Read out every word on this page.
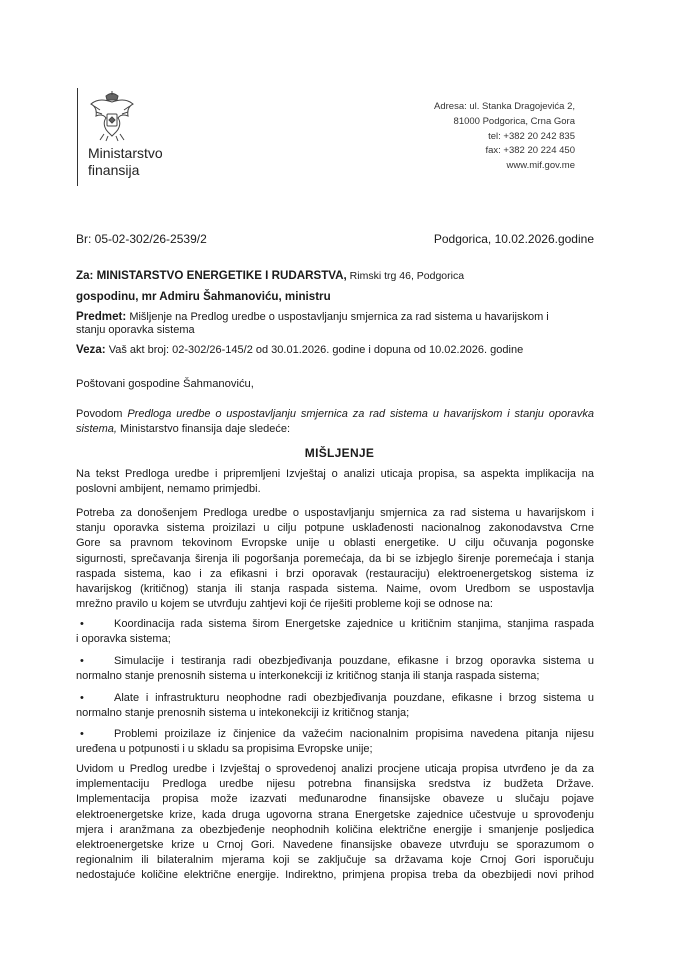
Ministarstvo
finansija
Adresa: ul. Stanka Dragojevića 2,
81000 Podgorica, Crna Gora
tel: +382 20 242 835
fax: +382 20 224 450
www.mif.gov.me
Br: 05-02-302/26-2539/2	Podgorica, 10.02.2026.godine
Za: MINISTARSTVO ENERGETIKE I RUDARSTVA, Rimski trg 46, Podgorica
gospodinu, mr Admiru Šahmanoviću, ministru
Predmet: Mišljenje na Predlog uredbe o uspostavljanju smjernica za rad sistema u havarijskom i
stanju oporavka sistema
Veza: Vaš akt broj: 02-302/26-145/2 od 30.01.2026. godine i dopuna od 10.02.2026. godine
Poštovani gospodine Šahmanoviću,
Povodom Predloga uredbe o uspostavljanju smjernica za rad sistema u havarijskom i stanju oporavka
sistema, Ministarstvo finansija daje sledeće:
MIŠLJENJE
Na tekst Predloga uredbe i pripremljeni Izvještaj o analizi uticaja propisa, sa aspekta implikacija na
poslovni ambijent, nemamo primjedbi.
Potreba za donošenjem Predloga uredbe o uspostavljanju smjernica za rad sistema u havarijskom i
stanju oporavka sistema proizilazi u cilju potpune usklađenosti nacionalnog zakonodavstva Crne
Gore sa pravnom tekovinom Evropske unije u oblasti energetike. U cilju očuvanja pogonske
sigurnosti, sprečavanja širenja ili pogoršanja poremećaja, da bi se izbjeglo širenje poremećaja i stanja
raspada sistema, kao i za efikasni i brzi oporavak (restauraciju) elektroenergetskog sistema iz
havarijskog (kritičnog) stanja ili stanja raspada sistema. Naime, ovom Uredbom se uspostavlja
mrežno pravilo u kojem se utvrđuju zahtjevi koji će riješiti probleme koji se odnose na:
•	Koordinacija rada sistema širom Energetske zajednice u kritičnim stanjima, stanjima raspada
i oporavka sistema;
•	Simulacije i testiranja radi obezbjeđivanja pouzdane, efikasne i brzog oporavka sistema u
normalno stanje prenosnih sistema u interkonekciji iz kritičnog stanja ili stanja raspada sistema;
•	Alate i infrastrukturu neophodne radi obezbjeđivanja pouzdane, efikasne i brzog sistema u
normalno stanje prenosnih sistema u intekonekciji iz kritičnog stanja;
•	Problemi proizilaze iz činjenice da važećim nacionalnim propisima navedena pitanja nijesu
uređena u potpunosti i u skladu sa propisima Evropske unije;
Uvidom u Predlog uredbe i Izvještaj o sprovedenoj analizi procjene uticaja propisa utvrđeno je da za
implementaciju Predloga uredbe nijesu potrebna finansijska sredstva iz budžeta Države.
Implementacija propisa može izazvati međunarodne finansijske obaveze u slučaju pojave
elektroenergetske krize, kada druga ugovorna strana Energetske zajednice učestvuje u sprovođenju
mjera i aranžmana za obezbjeđenje neophodnih količina električne energije i smanjenje posljedica
elektroenergetske krize u Crnoj Gori. Navedene finansijske obaveze utvrđuju se sporazumom o
regionalnim ili bilateralnim mjerama koji se zaključuje sa državama koje Crnoj Gori isporučuju
nedostajuće količine električne energije. Indirektno, primjena propisa treba da obezbijedi novi prihod
